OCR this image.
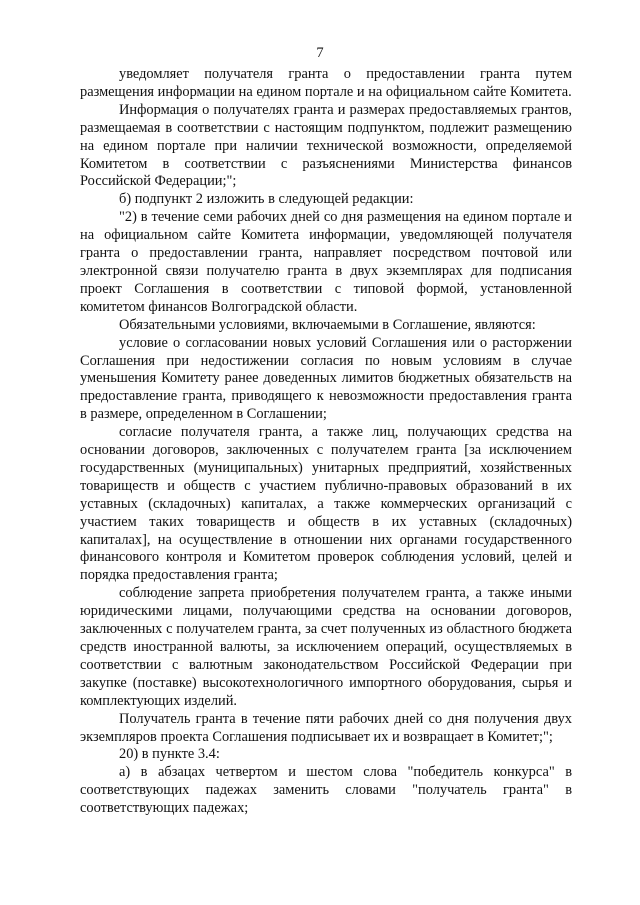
7

уведомляет получателя гранта о предоставлении гранта путем размещения информации на едином портале и на официальном сайте Комитета.

Информация о получателях гранта и размерах предоставляемых грантов, размещаемая в соответствии с настоящим подпунктом, подлежит размещению на едином портале при наличии технической возможности, определяемой Комитетом в соответствии с разъяснениями Министерства финансов Российской Федерации;";

б) подпункт 2 изложить в следующей редакции:

"2) в течение семи рабочих дней со дня размещения на едином портале и на официальном сайте Комитета информации, уведомляющей получателя гранта о предоставлении гранта, направляет посредством почтовой или электронной связи получателю гранта в двух экземплярах для подписания проект Соглашения в соответствии с типовой формой, установленной комитетом финансов Волгоградской области.

Обязательными условиями, включаемыми в Соглашение, являются:

условие о согласовании новых условий Соглашения или о расторжении Соглашения при недостижении согласия по новым условиям в случае уменьшения Комитету ранее доведенных лимитов бюджетных обязательств на предоставление гранта, приводящего к невозможности предоставления гранта в размере, определенном в Соглашении;

согласие получателя гранта, а также лиц, получающих средства на основании договоров, заключенных с получателем гранта [за исключением государственных (муниципальных) унитарных предприятий, хозяйственных товариществ и обществ с участием публично-правовых образований в их уставных (складочных) капиталах, а также коммерческих организаций с участием таких товариществ и обществ в их уставных (складочных) капиталах], на осуществление в отношении них органами государственного финансового контроля и Комитетом проверок соблюдения условий, целей и порядка предоставления гранта;

соблюдение запрета приобретения получателем гранта, а также иными юридическими лицами, получающими средства на основании договоров, заключенных с получателем гранта, за счет полученных из областного бюджета средств иностранной валюты, за исключением операций, осуществляемых в соответствии с валютным законодательством Российской Федерации при закупке (поставке) высокотехнологичного импортного оборудования, сырья и комплектующих изделий.

Получатель гранта в течение пяти рабочих дней со дня получения двух экземпляров проекта Соглашения подписывает их и возвращает в Комитет;";

20) в пункте 3.4:

а) в абзацах четвертом и шестом слова "победитель конкурса" в соответствующих падежах заменить словами "получатель гранта" в соответствующих падежах;
